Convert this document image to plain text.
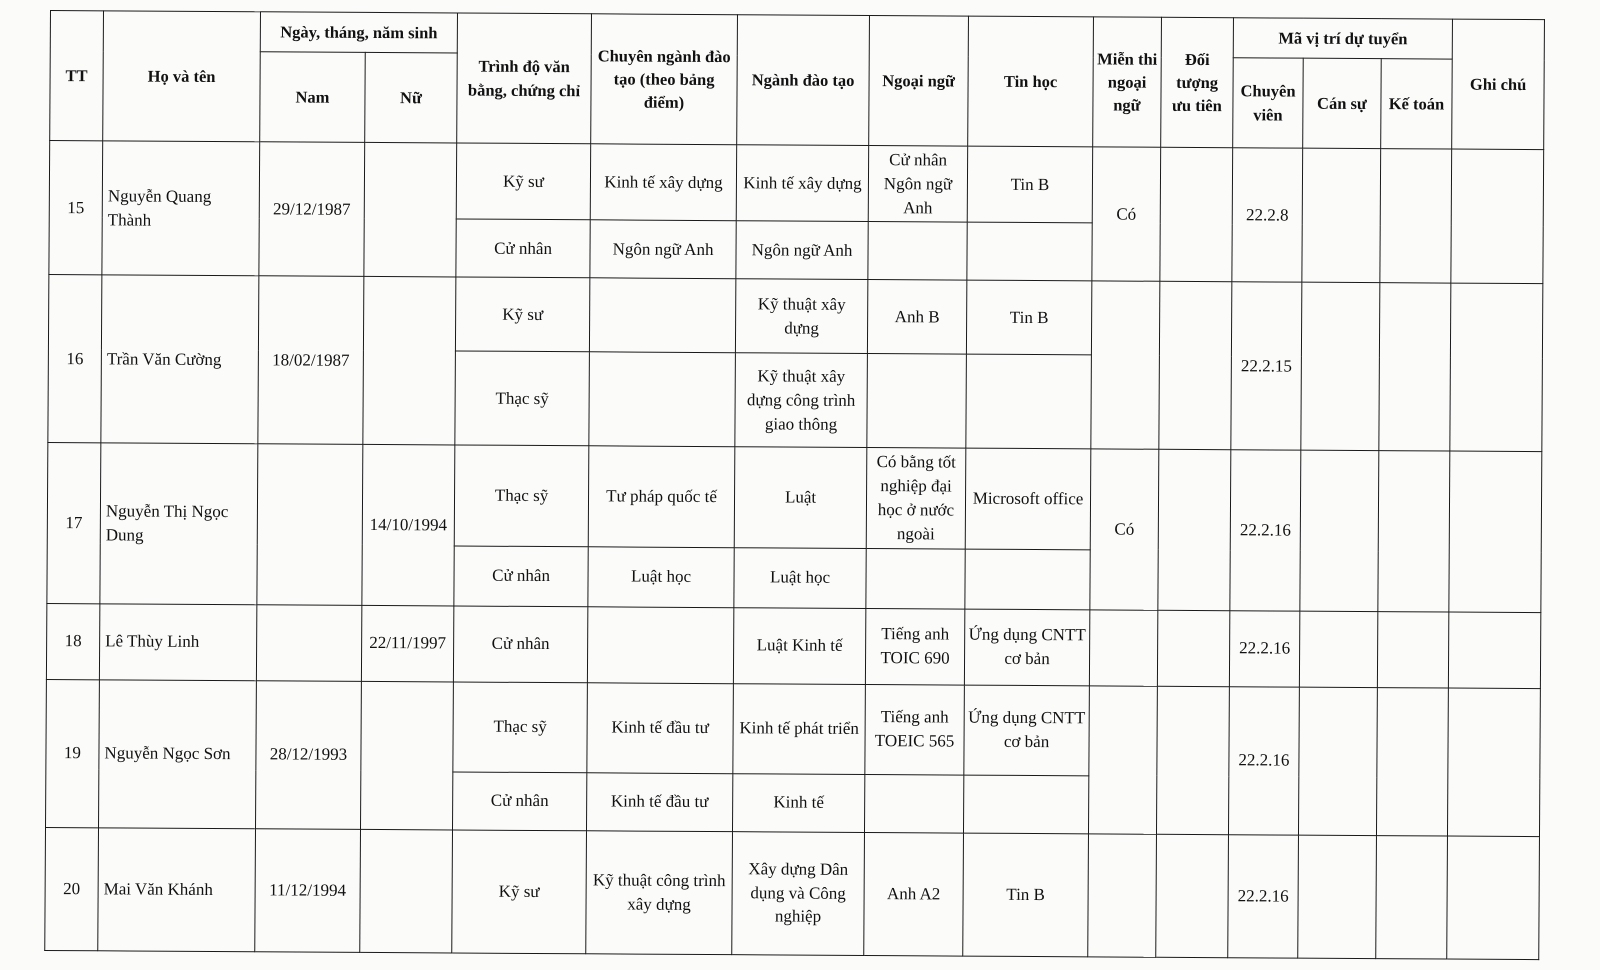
TT	Họ và tên	Ngày, tháng, năm sinh		Trình độ văn bằng, chứng chỉ	Chuyên ngành đào tạo (theo bảng điểm)	Ngành đào tạo	Ngoại ngữ	Tin học	Miễn thi ngoại ngữ	Đối tượng ưu tiên	Mã vị trí dự tuyển			Ghi chú
		Nam	Nữ								Chuyên viên	Cán sự	Kế toán	
15	Nguyễn Quang Thành	29/12/1987		Kỹ sư	Kinh tế xây dựng	Kinh tế xây dựng	Cử nhân Ngôn ngữ Anh	Tin B	Có		22.2.8			
				Cử nhân	Ngôn ngữ Anh	Ngôn ngữ Anh								
16	Trần Văn Cường	18/02/1987		Kỹ sư		Kỹ thuật xây dựng	Anh B	Tin B			22.2.15			
				Thạc sỹ		Kỹ thuật xây dựng công trình giao thông								
17	Nguyễn Thị Ngọc Dung		14/10/1994	Thạc sỹ	Tư pháp quốc tế	Luật	Có bằng tốt nghiệp đại học ở nước ngoài	Microsoft office	Có		22.2.16			
				Cử nhân	Luật học	Luật học								
18	Lê Thùy Linh		22/11/1997	Cử nhân		Luật Kinh tế	Tiếng anh TOIC 690	Ứng dụng CNTT cơ bản			22.2.16			
19	Nguyễn Ngọc Sơn	28/12/1993		Thạc sỹ	Kinh tế đầu tư	Kinh tế phát triển	Tiếng anh TOEIC 565	Ứng dụng CNTT cơ bản			22.2.16			
				Cử nhân	Kinh tế đầu tư	Kinh tế								
20	Mai Văn Khánh	11/12/1994		Kỹ sư	Kỹ thuật công trình xây dựng	Xây dựng Dân dụng và Công nghiệp	Anh A2	Tin B			22.2.16			
